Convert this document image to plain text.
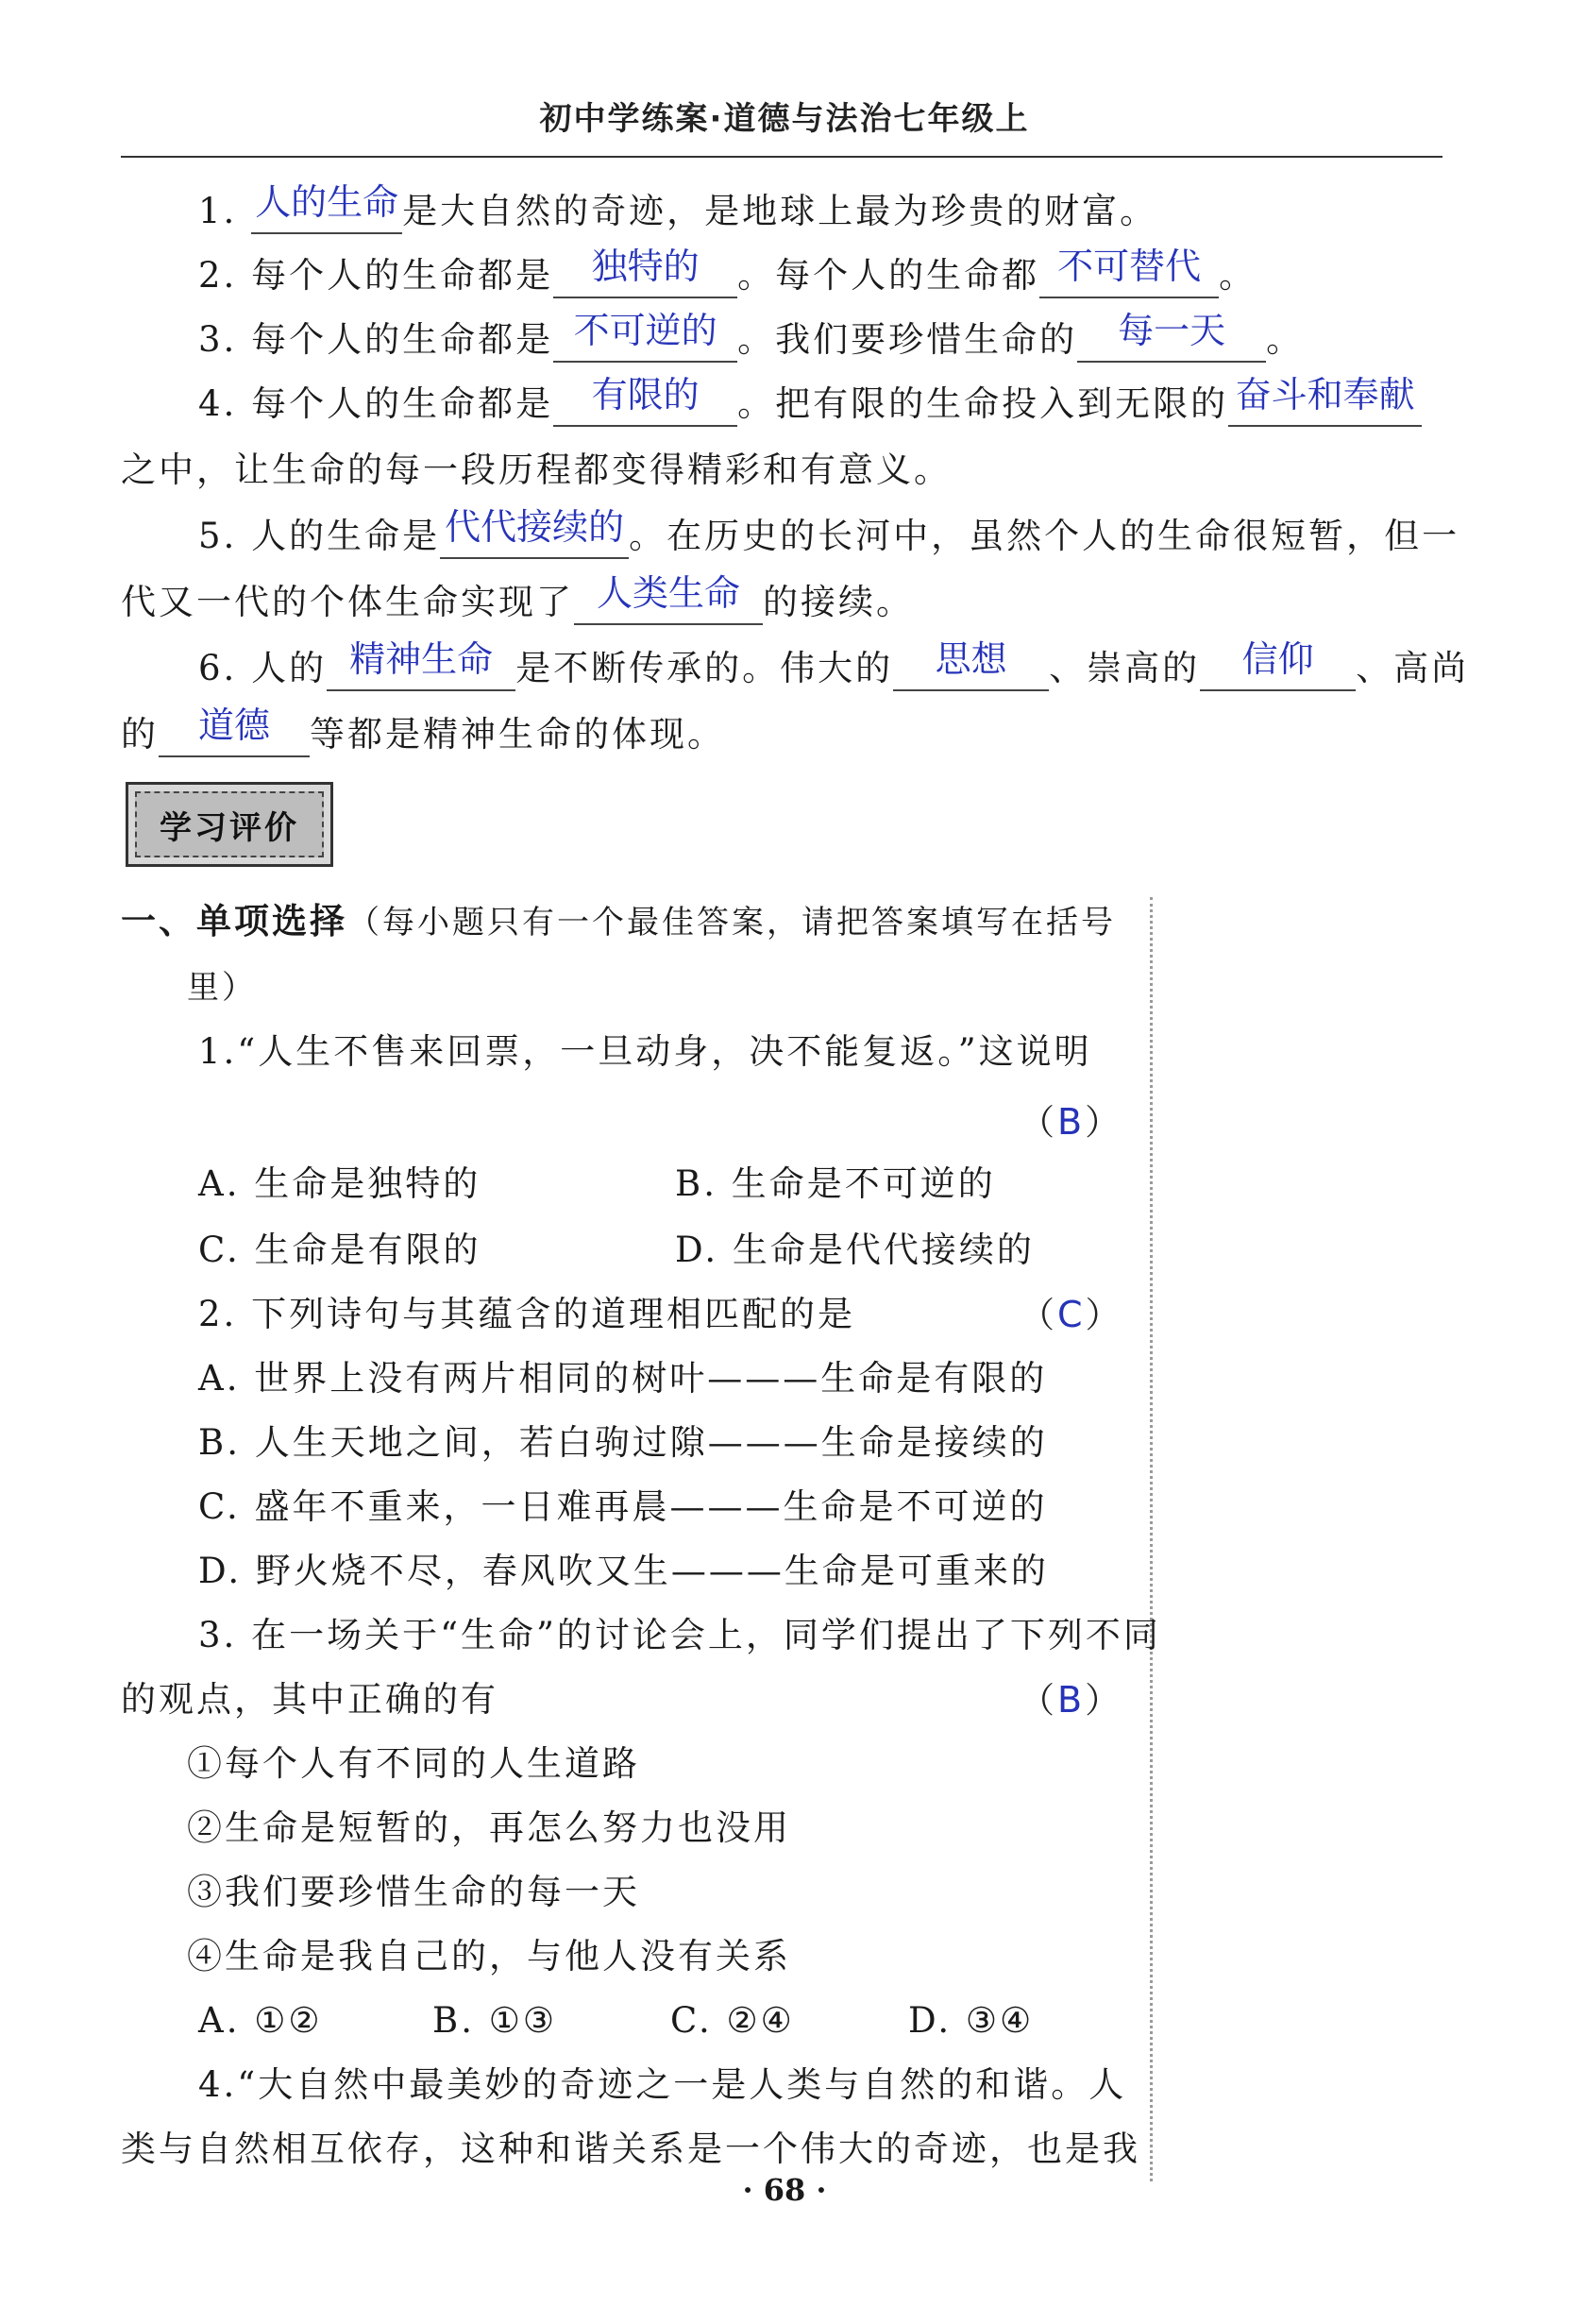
初中学练案·道德与法治七年级上
1. 人的生命 是大自然的奇迹，是地球上最为珍贵的财富。
2. 每个人的生命都是	独特的	。每个人的生命都 不可替代 。
3. 每个人的生命都是 不可逆的 。我们要珍惜生命的	每一天	。
4. 每个人的生命都是	有限的	。把有限的生命投入到无限的 奋斗和奉献
之中，让生命的每一段历程都变得精彩和有意义。
5. 人的生命是 代代接续的 。在历史的长河中，虽然个人的生命很短暂，但一
代又一代的个体生命实现了 人类生命 的接续。
6. 人的 精神生命 是不断传承的。伟大的	思想	、崇高的	信仰	、高尚
的	道德	等都是精神生命的体现。
学习评价
一、单项选择（每小题只有一个最佳答案，请把答案填写在括号
里）
1.“人生不售来回票，一旦动身，决不能复返。”这说明
（B）
A. 生命是独特的	B. 生命是不可逆的
C. 生命是有限的	D. 生命是代代接续的
2. 下列诗句与其蕴含的道理相匹配的是	（C）
A. 世界上没有两片相同的树叶———生命是有限的
B. 人生天地之间，若白驹过隙———生命是接续的
C. 盛年不重来，一日难再晨———生命是不可逆的
D. 野火烧不尽，春风吹又生———生命是可重来的
3. 在一场关于“生命”的讨论会上，同学们提出了下列不同
的观点，其中正确的有	（B）
①每个人有不同的人生道路
②生命是短暂的，再怎么努力也没用
③我们要珍惜生命的每一天
④生命是我自己的，与他人没有关系
A. ①②	B. ①③	C. ②④	D. ③④
4.“大自然中最美妙的奇迹之一是人类与自然的和谐。人
类与自然相互依存，这种和谐关系是一个伟大的奇迹，也是我
· 68 ·
